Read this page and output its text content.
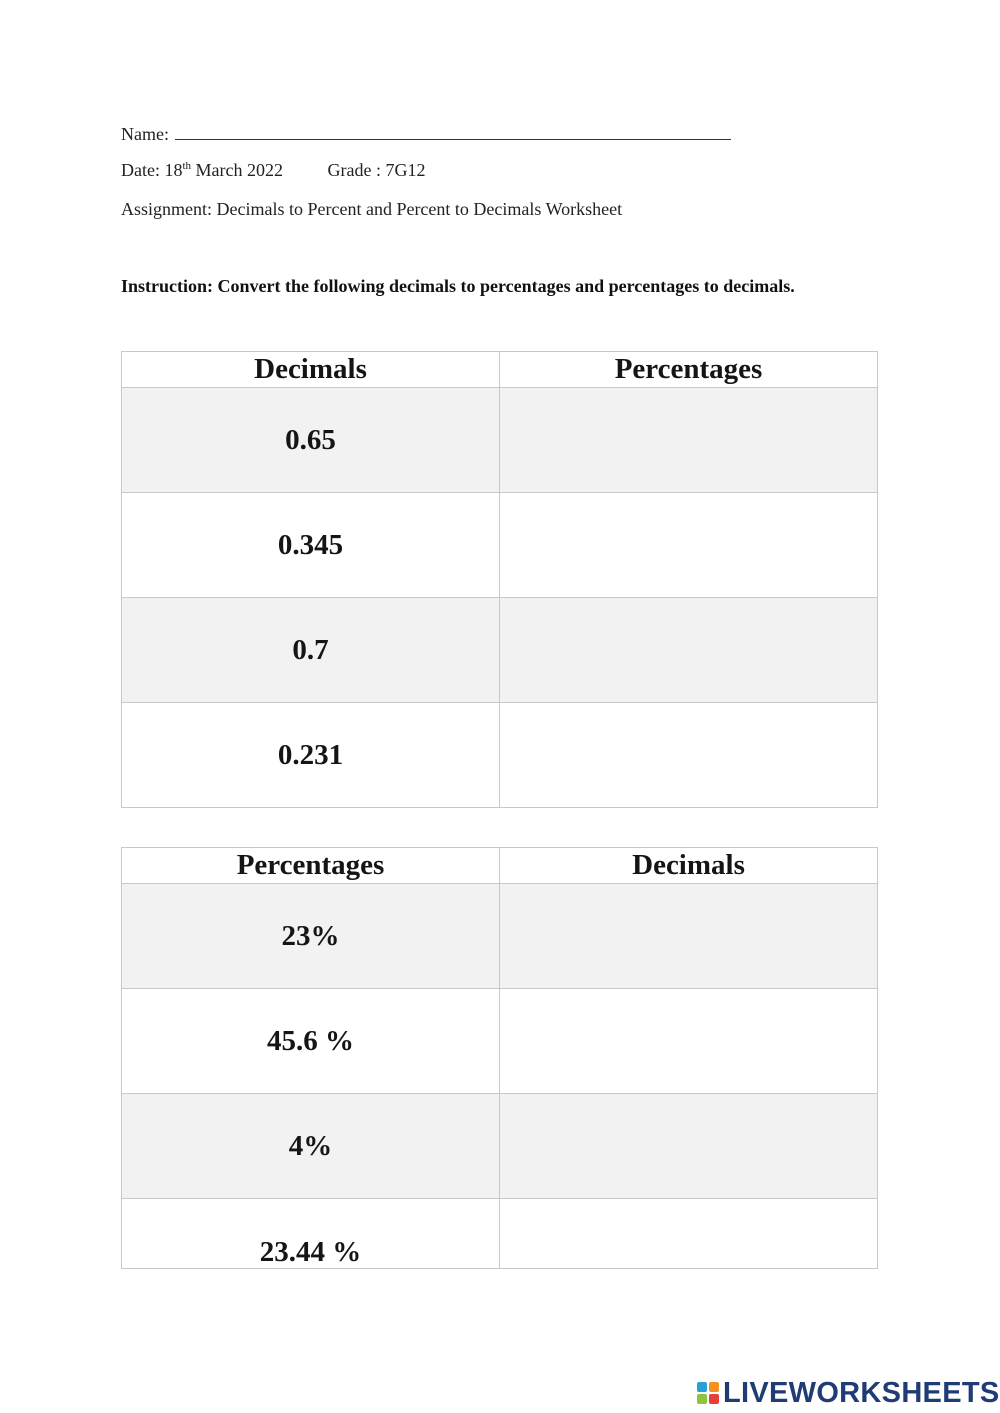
Name:
Date: 18th March 2022 Grade : 7G12
Assignment: Decimals to Percent and Percent to Decimals Worksheet
Instruction: Convert the following decimals to percentages and percentages to decimals.
Decimals	Percentages
0.65	
0.345	
0.7	
0.231	
Percentages	Decimals
23%	
45.6 %	
4%	

23.44 %	

LIVEWORKSHEETS
